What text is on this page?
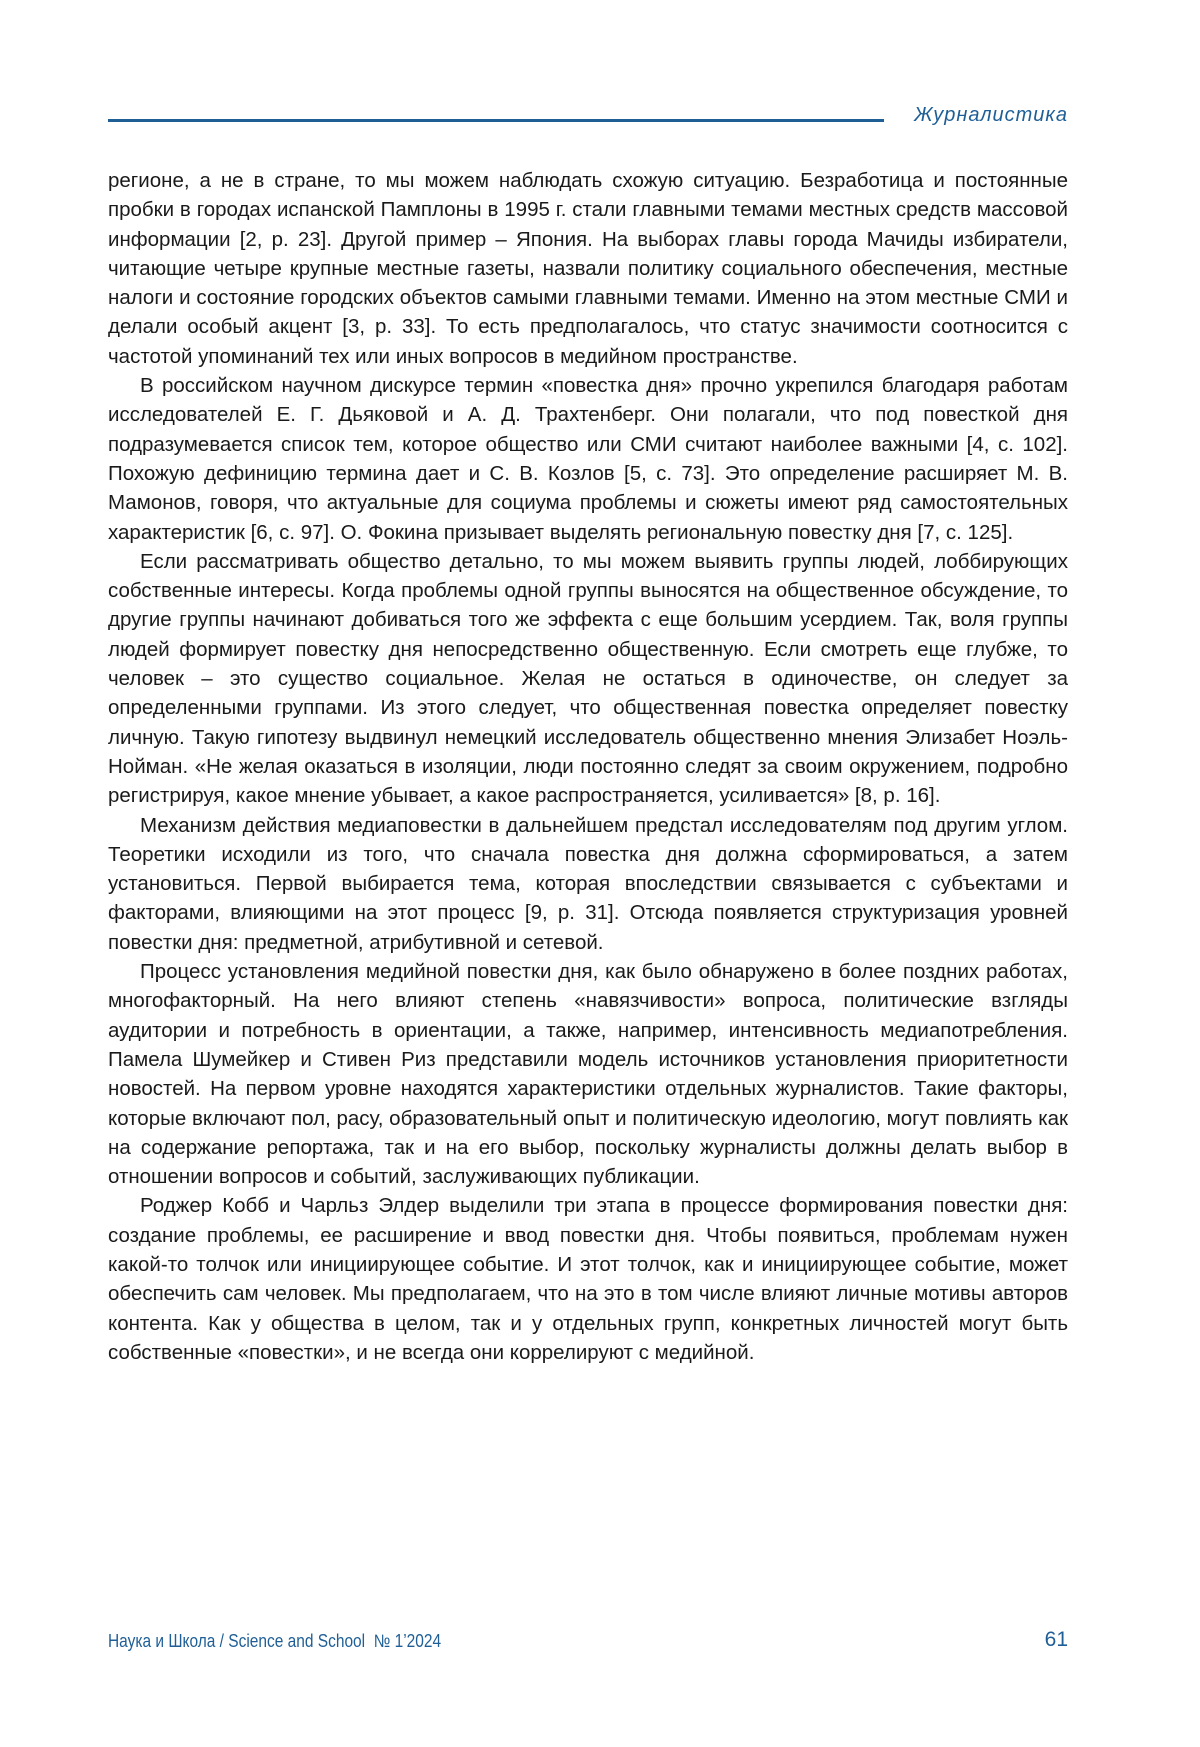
Журналистика

регионе, а не в стране, то мы можем наблюдать схожую ситуацию. Безработица и постоянные пробки в городах испанской Памплоны в 1995 г. стали главными темами местных средств массовой информации [2, p. 23]. Другой пример – Япония. На выборах главы города Мачиды избиратели, читающие четыре крупные местные газеты, назвали политику социального обеспечения, местные налоги и состояние городских объектов самыми главными темами. Именно на этом местные СМИ и делали особый акцент [3, p. 33]. То есть предполагалось, что статус значимости соотносится с частотой упоминаний тех или иных вопросов в медийном пространстве.

В российском научном дискурсе термин «повестка дня» прочно укрепился благодаря работам исследователей Е. Г. Дьяковой и А. Д. Трахтенберг. Они полагали, что под повесткой дня подразумевается список тем, которое общество или СМИ считают наиболее важными [4, с. 102]. Похожую дефиницию термина дает и С. В. Козлов [5, с. 73]. Это определение расширяет М. В. Мамонов, говоря, что актуальные для социума проблемы и сюжеты имеют ряд самостоятельных характеристик [6, с. 97]. О. Фокина призывает выделять региональную повестку дня [7, с. 125].

Если рассматривать общество детально, то мы можем выявить группы людей, лоббирующих собственные интересы. Когда проблемы одной группы выносятся на общественное обсуждение, то другие группы начинают добиваться того же эффекта с еще большим усердием. Так, воля группы людей формирует повестку дня непосредственно общественную. Если смотреть еще глубже, то человек – это существо социальное. Желая не остаться в одиночестве, он следует за определенными группами. Из этого следует, что общественная повестка определяет повестку личную. Такую гипотезу выдвинул немецкий исследователь общественно мнения Элизабет Ноэль-Нойман. «Не желая оказаться в изоляции, люди постоянно следят за своим окружением, подробно регистрируя, какое мнение убывает, а какое распространяется, усиливается» [8, p. 16].

Механизм действия медиаповестки в дальнейшем предстал исследователям под другим углом. Теоретики исходили из того, что сначала повестка дня должна сформироваться, а затем установиться. Первой выбирается тема, которая впоследствии связывается с субъектами и факторами, влияющими на этот процесс [9, p. 31]. Отсюда появляется структуризация уровней повестки дня: предметной, атрибутивной и сетевой.

Процесс установления медийной повестки дня, как было обнаружено в более поздних работах, многофакторный. На него влияют степень «навязчивости» вопроса, политические взгляды аудитории и потребность в ориентации, а также, например, интенсивность медиапотребления. Памела Шумейкер и Стивен Риз представили модель источников установления приоритетности новостей. На первом уровне находятся характеристики отдельных журналистов. Такие факторы, которые включают пол, расу, образовательный опыт и политическую идеологию, могут повлиять как на содержание репортажа, так и на его выбор, поскольку журналисты должны делать выбор в отношении вопросов и событий, заслуживающих публикации.

Роджер Кобб и Чарльз Элдер выделили три этапа в процессе формирования повестки дня: создание проблемы, ее расширение и ввод повестки дня. Чтобы появиться, проблемам нужен какой-то толчок или инициирующее событие. И этот толчок, как и инициирующее событие, может обеспечить сам человек. Мы предполагаем, что на это в том числе влияют личные мотивы авторов контента. Как у общества в целом, так и у отдельных групп, конкретных личностей могут быть собственные «повестки», и не всегда они коррелируют с медийной.

Наука и Школа / Science and School № 1’2024	61
